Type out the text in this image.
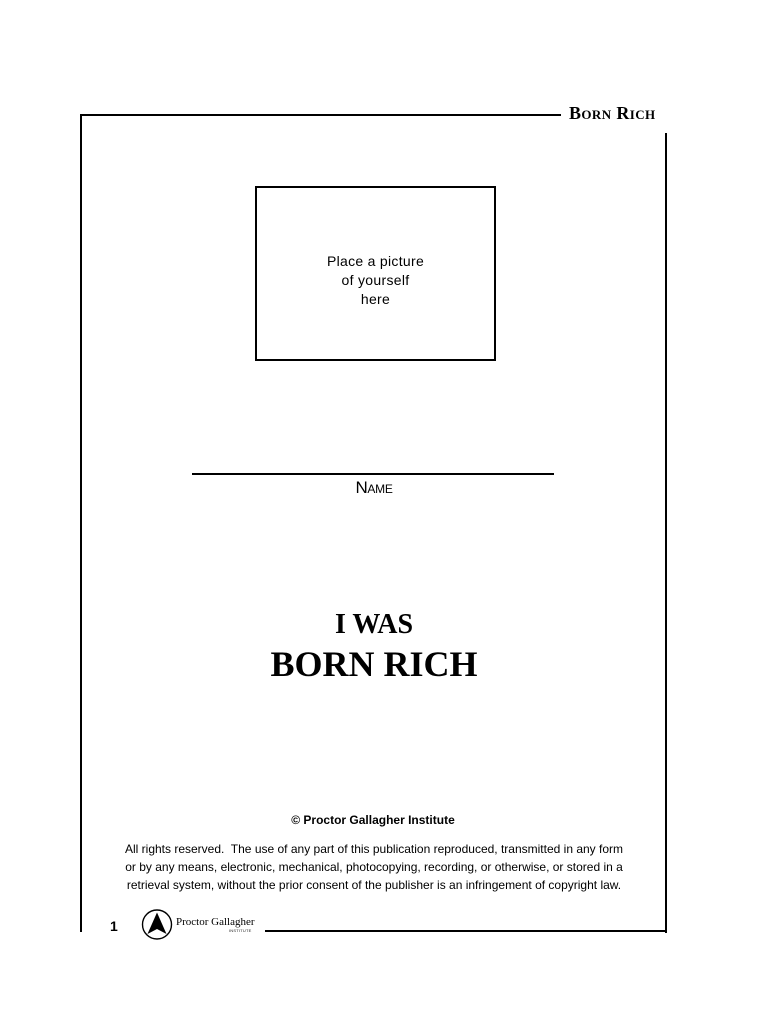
Born Rich
Place a picture
of yourself
here
Name
I WAS
BORN RICH
© Proctor Gallagher Institute
All rights reserved.  The use of any part of this publication reproduced, transmitted in any form
or by any means, electronic, mechanical, photocopying, recording, or otherwise, or stored in a
retrieval system, without the prior consent of the publisher is an infringement of copyright law.
1	Proctor Gallagher
INSTITUTE
